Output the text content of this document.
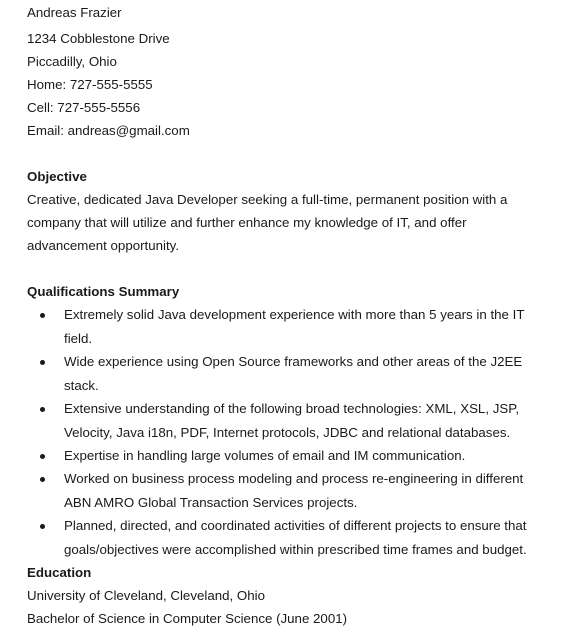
Andreas Frazier
1234 Cobblestone Drive
Piccadilly, Ohio
Home: 727-555-5555
Cell: 727-555-5556
Email: andreas@gmail.com
Objective
Creative, dedicated Java Developer seeking a full-time, permanent position with a
company that will utilize and further enhance my knowledge of IT, and offer
advancement opportunity.
Qualifications Summary
Extremely solid Java development experience with more than 5 years in the IT
field.
Wide experience using Open Source frameworks and other areas of the J2EE
stack.
Extensive understanding of the following broad technologies: XML, XSL, JSP,
Velocity, Java i18n, PDF, Internet protocols, JDBC and relational databases.
Expertise in handling large volumes of email and IM communication.
Worked on business process modeling and process re-engineering in different
ABN AMRO Global Transaction Services projects.
Planned, directed, and coordinated activities of different projects to ensure that
goals/objectives were accomplished within prescribed time frames and budget.
Education
University of Cleveland, Cleveland, Ohio
Bachelor of Science in Computer Science (June 2001)
